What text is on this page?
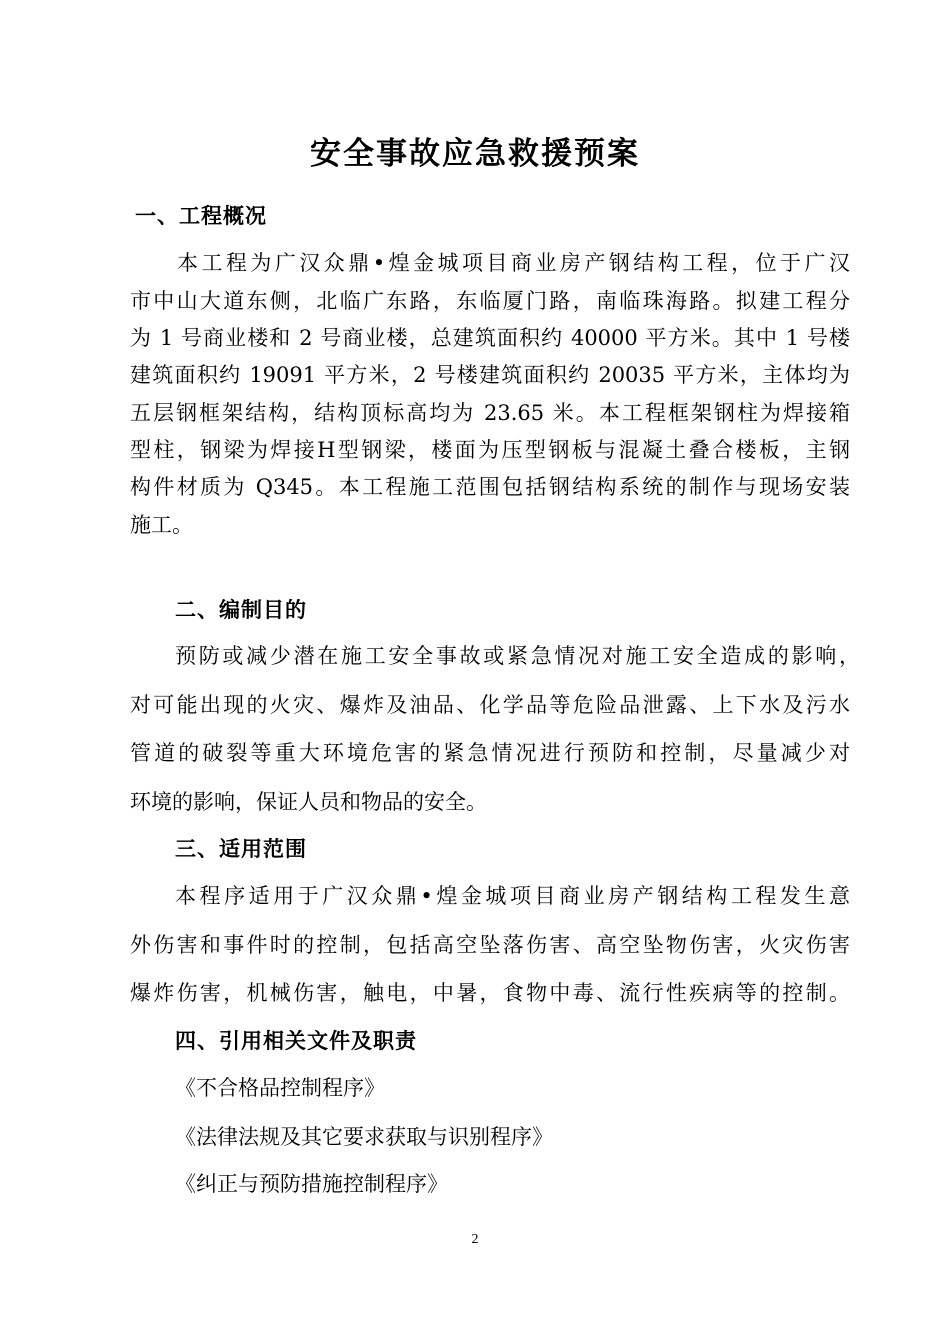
安全事故应急救援预案
一、工程概况
本工程为广汉众鼎•煌金城项目商业房产钢结构工程，位于广汉
市中山大道东侧，北临广东路，东临厦门路，南临珠海路。拟建工程分
为 1 号商业楼和 2 号商业楼，总建筑面积约 40000 平方米。其中 1 号楼
建筑面积约 19091 平方米，2 号楼建筑面积约 20035 平方米，主体均为
五层钢框架结构，结构顶标高均为 23.65 米。本工程框架钢柱为焊接箱
型柱，钢梁为焊接H型钢梁，楼面为压型钢板与混凝土叠合楼板，主钢
构件材质为 Q345。本工程施工范围包括钢结构系统的制作与现场安装
施工。
二、编制目的
预防或减少潜在施工安全事故或紧急情况对施工安全造成的影响，
对可能出现的火灾、爆炸及油品、化学品等危险品泄露、上下水及污水
管道的破裂等重大环境危害的紧急情况进行预防和控制，尽量减少对
环境的影响，保证人员和物品的安全。
三、适用范围
本程序适用于广汉众鼎•煌金城项目商业房产钢结构工程发生意
外伤害和事件时的控制，包括高空坠落伤害、高空坠物伤害，火灾伤害
爆炸伤害，机械伤害，触电，中暑，食物中毒、流行性疾病等的控制。
四、引用相关文件及职责
《不合格品控制程序》
《法律法规及其它要求获取与识别程序》
《纠正与预防措施控制程序》
2
